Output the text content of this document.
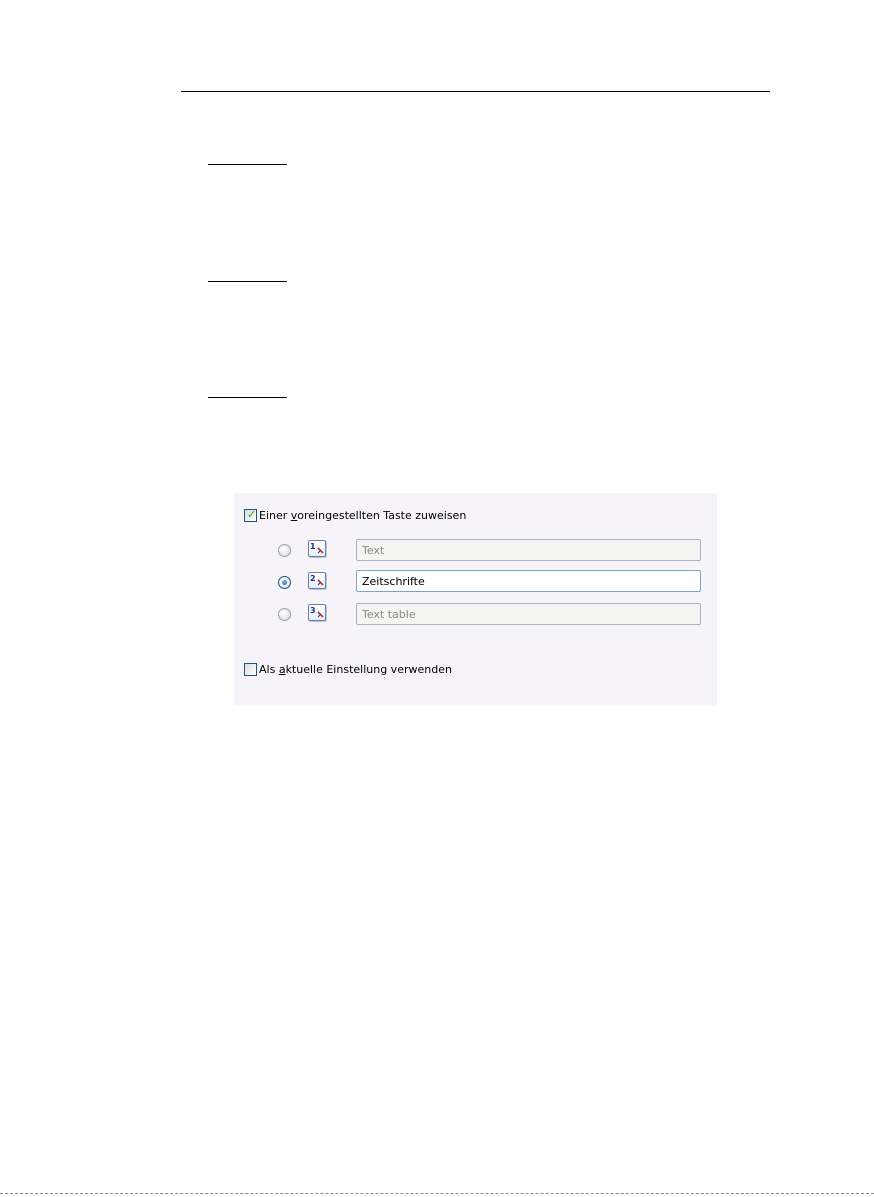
✓ Einer voreingestellten Taste zuweisen
1
Text
2
Zeitschrifte
3
Text table
Als aktuelle Einstellung verwenden
